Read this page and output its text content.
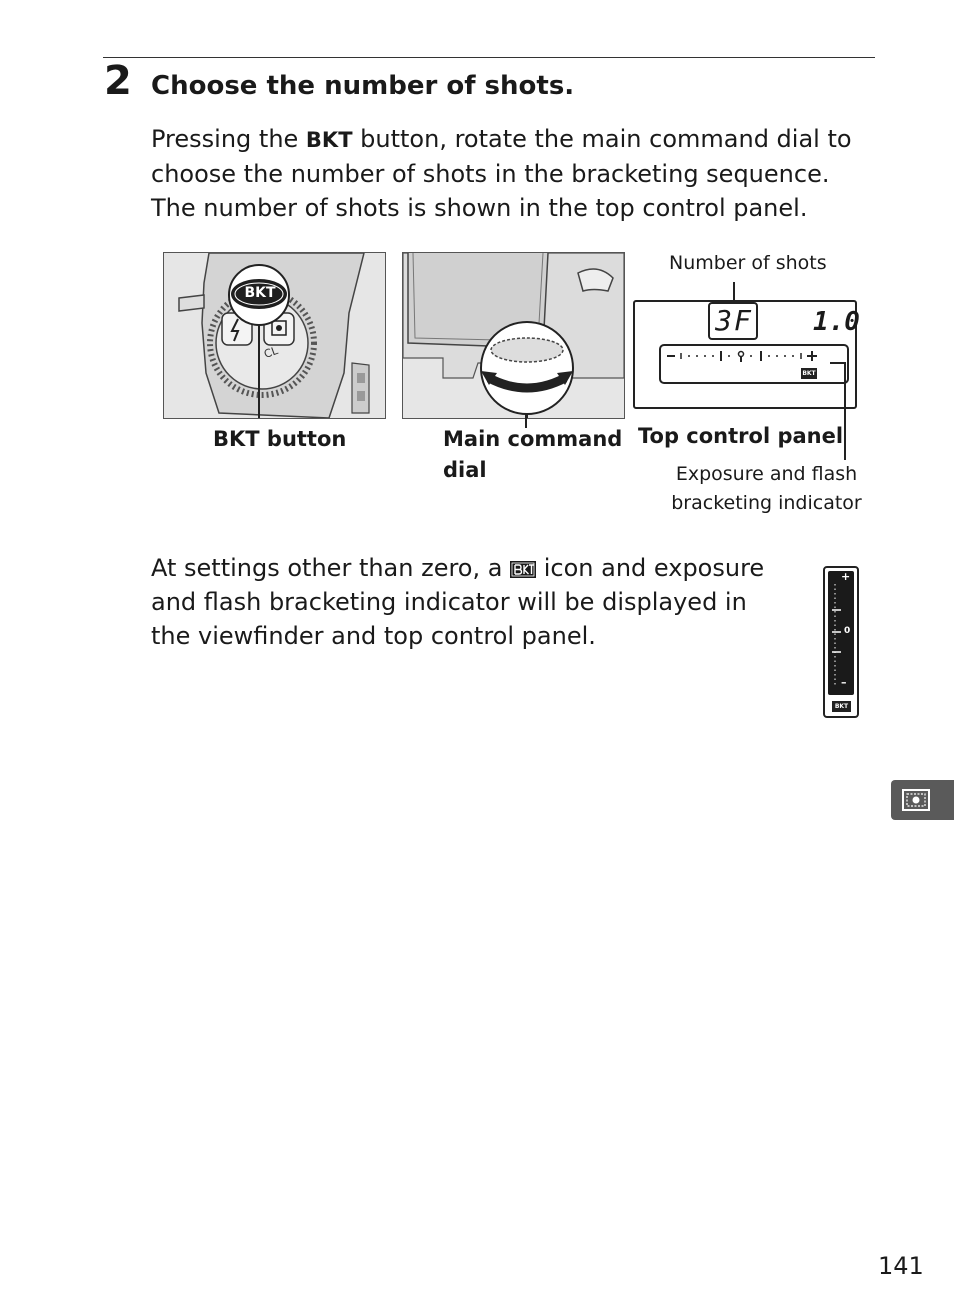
2 Choose the number of shots.
Pressing the BKT button, rotate the main command dial to choose the number of shots in the bracketing sequence. The number of shots is shown in the top control panel.
BKT
CL
3F 1.0
BKT
BKT button	Main command dial
Top control panel
Number of shots
Exposure and flash bracketing indicator
At settings other than zero, a  icon and exposure and flash bracketing indicator will be displayed in the viewfinder and top control panel.
+
0
–
BKT
141
